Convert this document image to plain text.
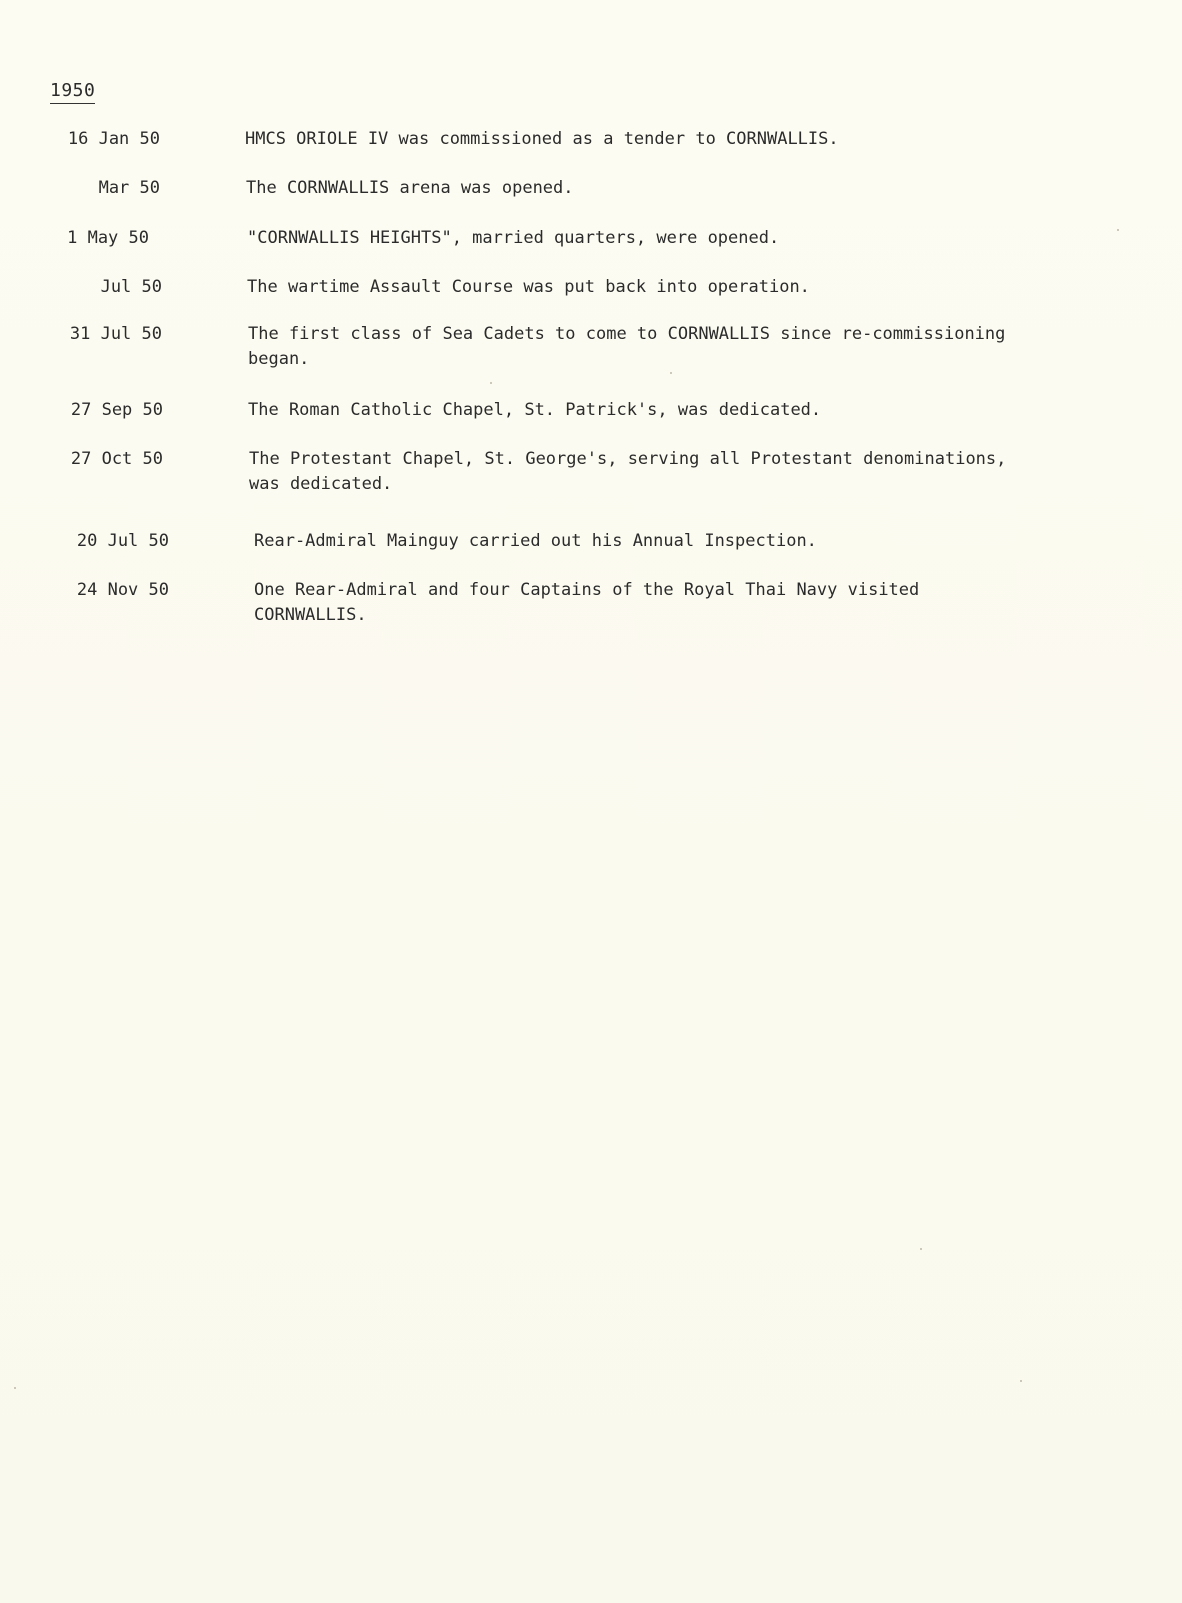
1950
16 Jan 50	HMCS ORIOLE IV was commissioned as a tender to CORNWALLIS.
Mar 50	The CORNWALLIS arena was opened.
1 May 50	"CORNWALLIS HEIGHTS", married quarters, were opened.
Jul 50	The wartime Assault Course was put back into operation.
31 Jul 50	The first class of Sea Cadets to come to CORNWALLIS since re-commissioning
began.
27 Sep 50	The Roman Catholic Chapel, St. Patrick's, was dedicated.
27 Oct 50	The Protestant Chapel, St. George's, serving all Protestant denominations,
was dedicated.
20 Jul 50	Rear-Admiral Mainguy carried out his Annual Inspection.
24 Nov 50	One Rear-Admiral and four Captains of the Royal Thai Navy visited
CORNWALLIS.
